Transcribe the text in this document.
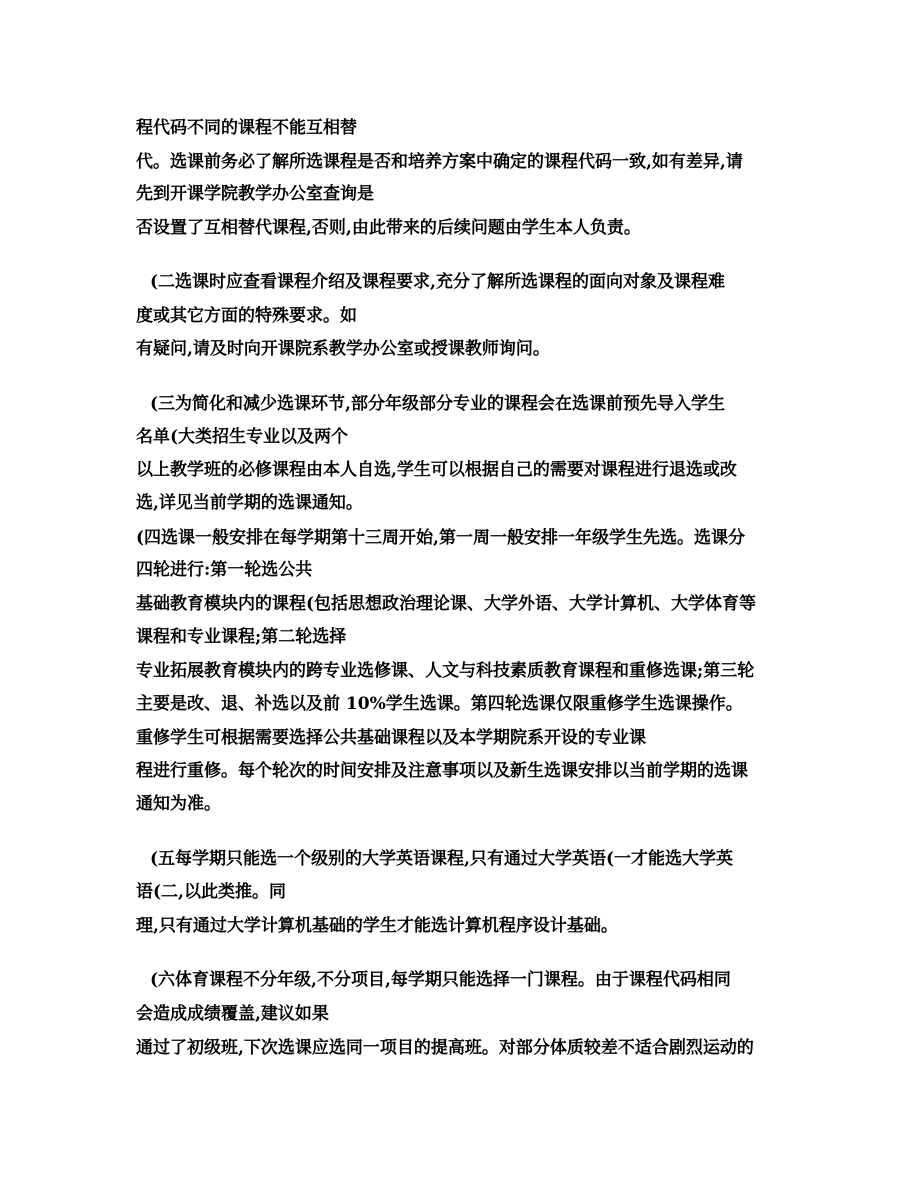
程代码不同的课程不能互相替
代。选课前务必了解所选课程是否和培养方案中确定的课程代码一致,如有差异,请
先到开课学院教学办公室查询是
否设置了互相替代课程,否则,由此带来的后续问题由学生本人负责。
(二选课时应查看课程介绍及课程要求,充分了解所选课程的面向对象及课程难
度或其它方面的特殊要求。如
有疑问,请及时向开课院系教学办公室或授课教师询问。
(三为简化和减少选课环节,部分年级部分专业的课程会在选课前预先导入学生
名单(大类招生专业以及两个
以上教学班的必修课程由本人自选,学生可以根据自己的需要对课程进行退选或改
选,详见当前学期的选课通知。
(四选课一般安排在每学期第十三周开始,第一周一般安排一年级学生先选。选课分
四轮进行:第一轮选公共
基础教育模块内的课程(包括思想政治理论课、大学外语、大学计算机、大学体育等
课程和专业课程;第二轮选择
专业拓展教育模块内的跨专业选修课、人文与科技素质教育课程和重修选课;第三轮
主要是改、退、补选以及前 10%学生选课。第四轮选课仅限重修学生选课操作。
重修学生可根据需要选择公共基础课程以及本学期院系开设的专业课
程进行重修。每个轮次的时间安排及注意事项以及新生选课安排以当前学期的选课
通知为准。
(五每学期只能选一个级别的大学英语课程,只有通过大学英语(一才能选大学英
语(二,以此类推。同
理,只有通过大学计算机基础的学生才能选计算机程序设计基础。
(六体育课程不分年级,不分项目,每学期只能选择一门课程。由于课程代码相同
会造成成绩覆盖,建议如果
通过了初级班,下次选课应选同一项目的提高班。对部分体质较差不适合剧烈运动的
